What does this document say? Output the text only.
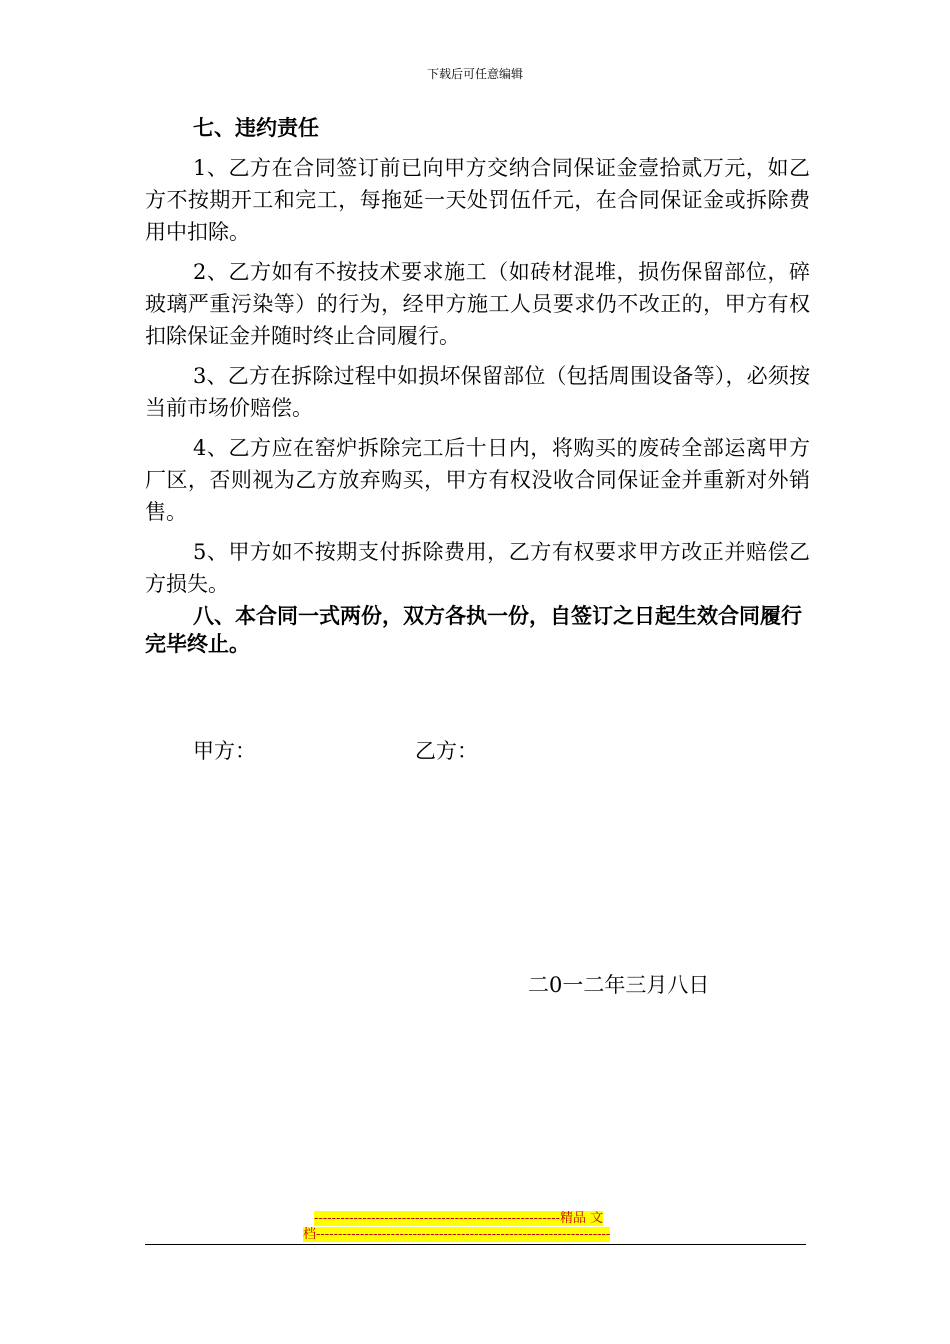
下载后可任意编辑

七、违约责任

1、乙方在合同签订前已向甲方交纳合同保证金壹拾贰万元，如乙方不按期开工和完工，每拖延一天处罚伍仟元，在合同保证金或拆除费用中扣除。

2、乙方如有不按技术要求施工（如砖材混堆，损伤保留部位，碎玻璃严重污染等）的行为，经甲方施工人员要求仍不改正的，甲方有权扣除保证金并随时终止合同履行。

3、乙方在拆除过程中如损坏保留部位（包括周围设备等），必须按当前市场价赔偿。

4、乙方应在窑炉拆除完工后十日内，将购买的废砖全部运离甲方厂区，否则视为乙方放弃购买，甲方有权没收合同保证金并重新对外销售。

5、甲方如不按期支付拆除费用，乙方有权要求甲方改正并赔偿乙方损失。

八、本合同一式两份，双方各执一份，自签订之日起生效合同履行完毕终止。

甲方：	乙方：
二0一二年三月八日
--------------------------------------------------------精品 文
档-------------------------------------------------------------------
